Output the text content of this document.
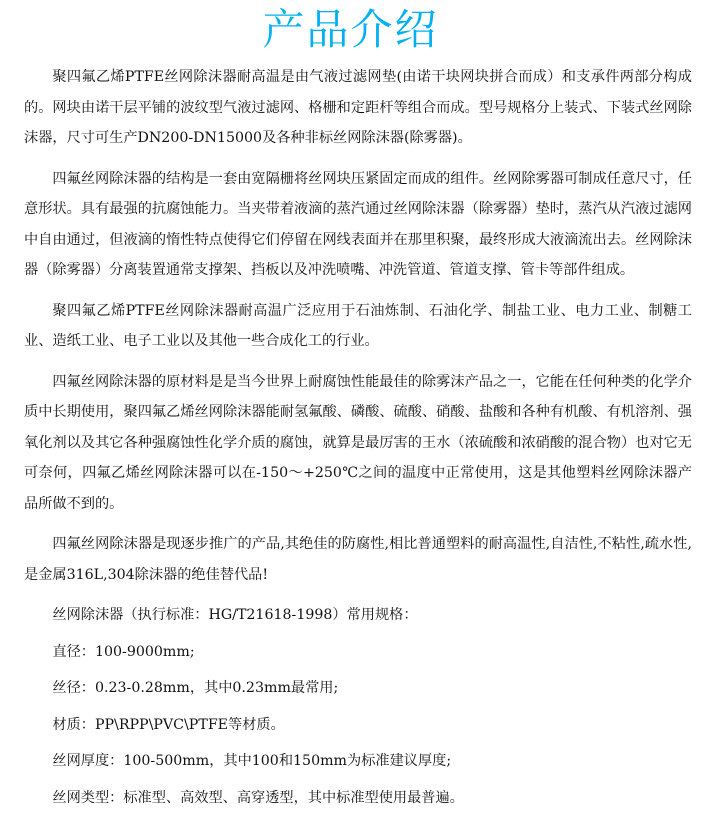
产品介绍

聚四氟乙烯PTFE丝网除沫器耐高温是由气液过滤网垫(由诺干块网块拼合而成）和支承件两部分构成的。网块由诺干层平铺的波纹型气液过滤网、格栅和定距杆等组合而成。型号规格分上装式、下装式丝网除沫器，尺寸可生产DN200-DN15000及各种非标丝网除沫器(除雾器)。

四氟丝网除沫器的结构是一套由宽隔栅将丝网块压紧固定而成的组件。丝网除雾器可制成任意尺寸，任意形状。具有最强的抗腐蚀能力。当夹带着液滴的蒸汽通过丝网除沫器（除雾器）垫时，蒸汽从汽液过滤网中自由通过，但液滴的惰性特点使得它们停留在网线表面并在那里积聚，最终形成大液滴流出去。丝网除沫器（除雾器）分离装置通常支撑架、挡板以及冲洗喷嘴、冲洗管道、管道支撑、管卡等部件组成。

聚四氟乙烯PTFE丝网除沫器耐高温广泛应用于石油炼制、石油化学、制盐工业、电力工业、制糖工业、造纸工业、电子工业以及其他一些合成化工的行业。

四氟丝网除沫器的原材料是是当今世界上耐腐蚀性能最佳的除雾沫产品之一，它能在任何种类的化学介质中长期使用，聚四氟乙烯丝网除沫器能耐氢氟酸、磷酸、硫酸、硝酸、盐酸和各种有机酸、有机溶剂、强氧化剂以及其它各种强腐蚀性化学介质的腐蚀，就算是最厉害的王水（浓硫酸和浓硝酸的混合物）也对它无可奈何，四氟乙烯丝网除沫器可以在-150～+250℃之间的温度中正常使用，这是其他塑料丝网除沫器产品所做不到的。

四氟丝网除沫器是现逐步推广的产品,其绝佳的防腐性,相比普通塑料的耐高温性,自洁性,不粘性,疏水性,是金属316L,304除沫器的绝佳替代品!

丝网除沫器（执行标准：HG/T21618-1998）常用规格：
直径：100-9000mm;
丝径：0.23-0.28mm，其中0.23mm最常用;
材质：PP\RPP\PVC\PTFE等材质。
丝网厚度：100-500mm，其中100和150mm为标准建议厚度;
丝网类型：标准型、高效型、高穿透型，其中标准型使用最普遍。
